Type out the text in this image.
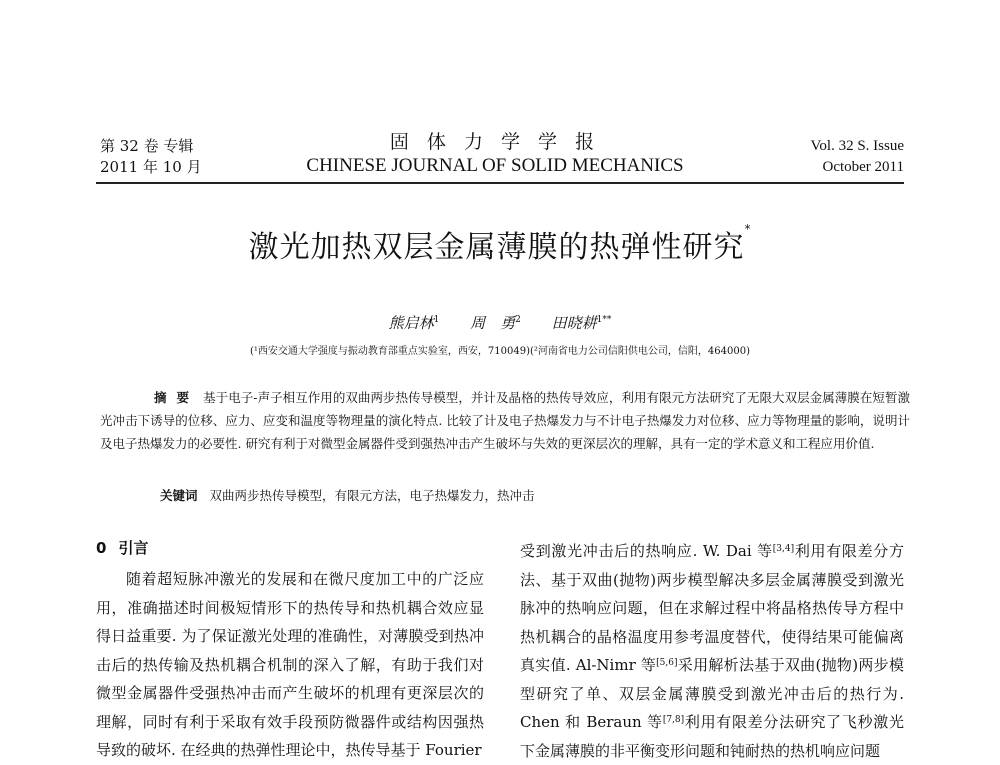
第 32 卷 专辑
2011 年 10 月
固 体 力 学 学 报
CHINESE JOURNAL OF SOLID MECHANICS
Vol. 32 S. Issue
October 2011
激光加热双层金属薄膜的热弹性研究*
熊启林$^1$ 周　勇$^2$ 田晓耕$^{1**}$
(¹西安交通大学强度与振动教育部重点实验室，西安，710049)(²河南省电力公司信阳供电公司，信阳，464000)
摘要 基于电子-声子相互作用的双曲两步热传导模型，并计及晶格的热传导效应，利用有限元方法研究了无限大双层金属薄膜在短暂激光冲击下诱导的位移、应力、应变和温度等物理量的演化特点. 比较了计及电子热爆发力与不计电子热爆发力对位移、应力等物理量的影响，说明计及电子热爆发力的必要性. 研究有利于对微型金属器件受到强热冲击产生破坏与失效的更深层次的理解，具有一定的学术意义和工程应用价值.
关键词 双曲两步热传导模型，有限元方法，电子热爆发力，热冲击
0 引言

随着超短脉冲激光的发展和在微尺度加工中的广泛应用，准确描述时间极短情形下的热传导和热机耦合效应显得日益重要. 为了保证激光处理的准确性，对薄膜受到热冲击后的热传输及热机耦合机制的深入了解，有助于我们对微型金属器件受强热冲击而产生破坏的机理有更深层次的理解，同时有利于采取有效手段预防微器件或结构因强热导致的破坏. 在经典的热弹性理论中，热传导基于 Fourier

受到激光冲击后的热响应. W. Dai 等[3,4]利用有限差分方法、基于双曲(抛物)两步模型解决多层金属薄膜受到激光脉冲的热响应问题，但在求解过程中将晶格热传导方程中热机耦合的晶格温度用参考温度替代，使得结果可能偏离真实值. Al-Nimr 等[5,6]采用解析法基于双曲(抛物)两步模型研究了单、双层金属薄膜受到激光冲击后的热行为. Chen 和 Beraun 等[7,8]利用有限差分法研究了飞秒激光下金属薄膜的非平衡变形问题和钝耐热的热机响应问题
